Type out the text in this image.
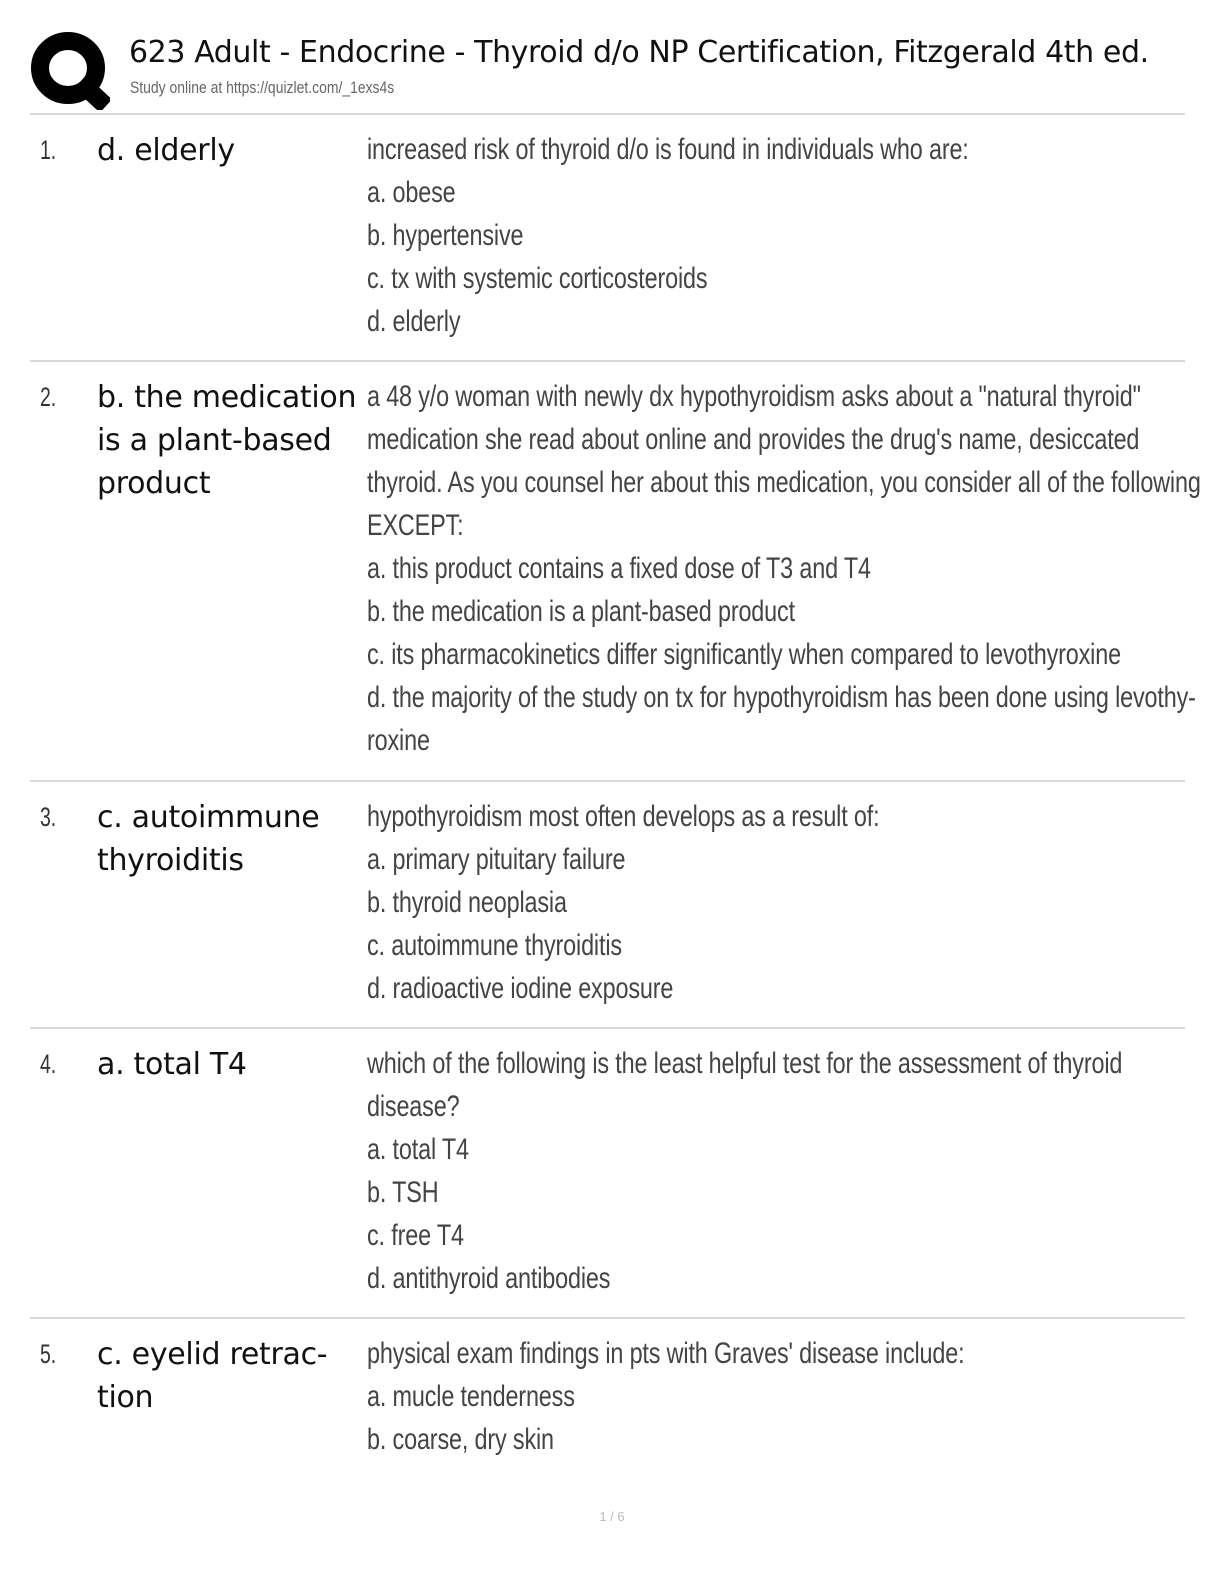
623 Adult - Endocrine - Thyroid d/o NP Certification, Fitzgerald 4th ed.
Study online at https://quizlet.com/_1exs4s
1. d. elderly	increased risk of thyroid d/o is found in individuals who are:
a. obese
b. hypertensive
c. tx with systemic corticosteroids
d. elderly
2. b. the medication is a plant-based product
a 48 y/o woman with newly dx hypothyroidism asks about a "natural thyroid"
medication she read about online and provides the drug's name, desiccated
thyroid. As you counsel her about this medication, you consider all of the following
EXCEPT:
a. this product contains a fixed dose of T3 and T4
b. the medication is a plant-based product
c. its pharmacokinetics differ significantly when compared to levothyroxine
d. the majority of the study on tx for hypothyroidism has been done using levothy-
roxine
3. c. autoimmune thyroiditis
hypothyroidism most often develops as a result of:
a. primary pituitary failure
b. thyroid neoplasia
c. autoimmune thyroiditis
d. radioactive iodine exposure
4. a. total T4	which of the following is the least helpful test for the assessment of thyroid
disease?
a. total T4
b. TSH
c. free T4
d. antithyroid antibodies
5. c. eyelid retrac- tion
physical exam findings in pts with Graves' disease include:
a. mucle tenderness
b. coarse, dry skin
1 / 6
